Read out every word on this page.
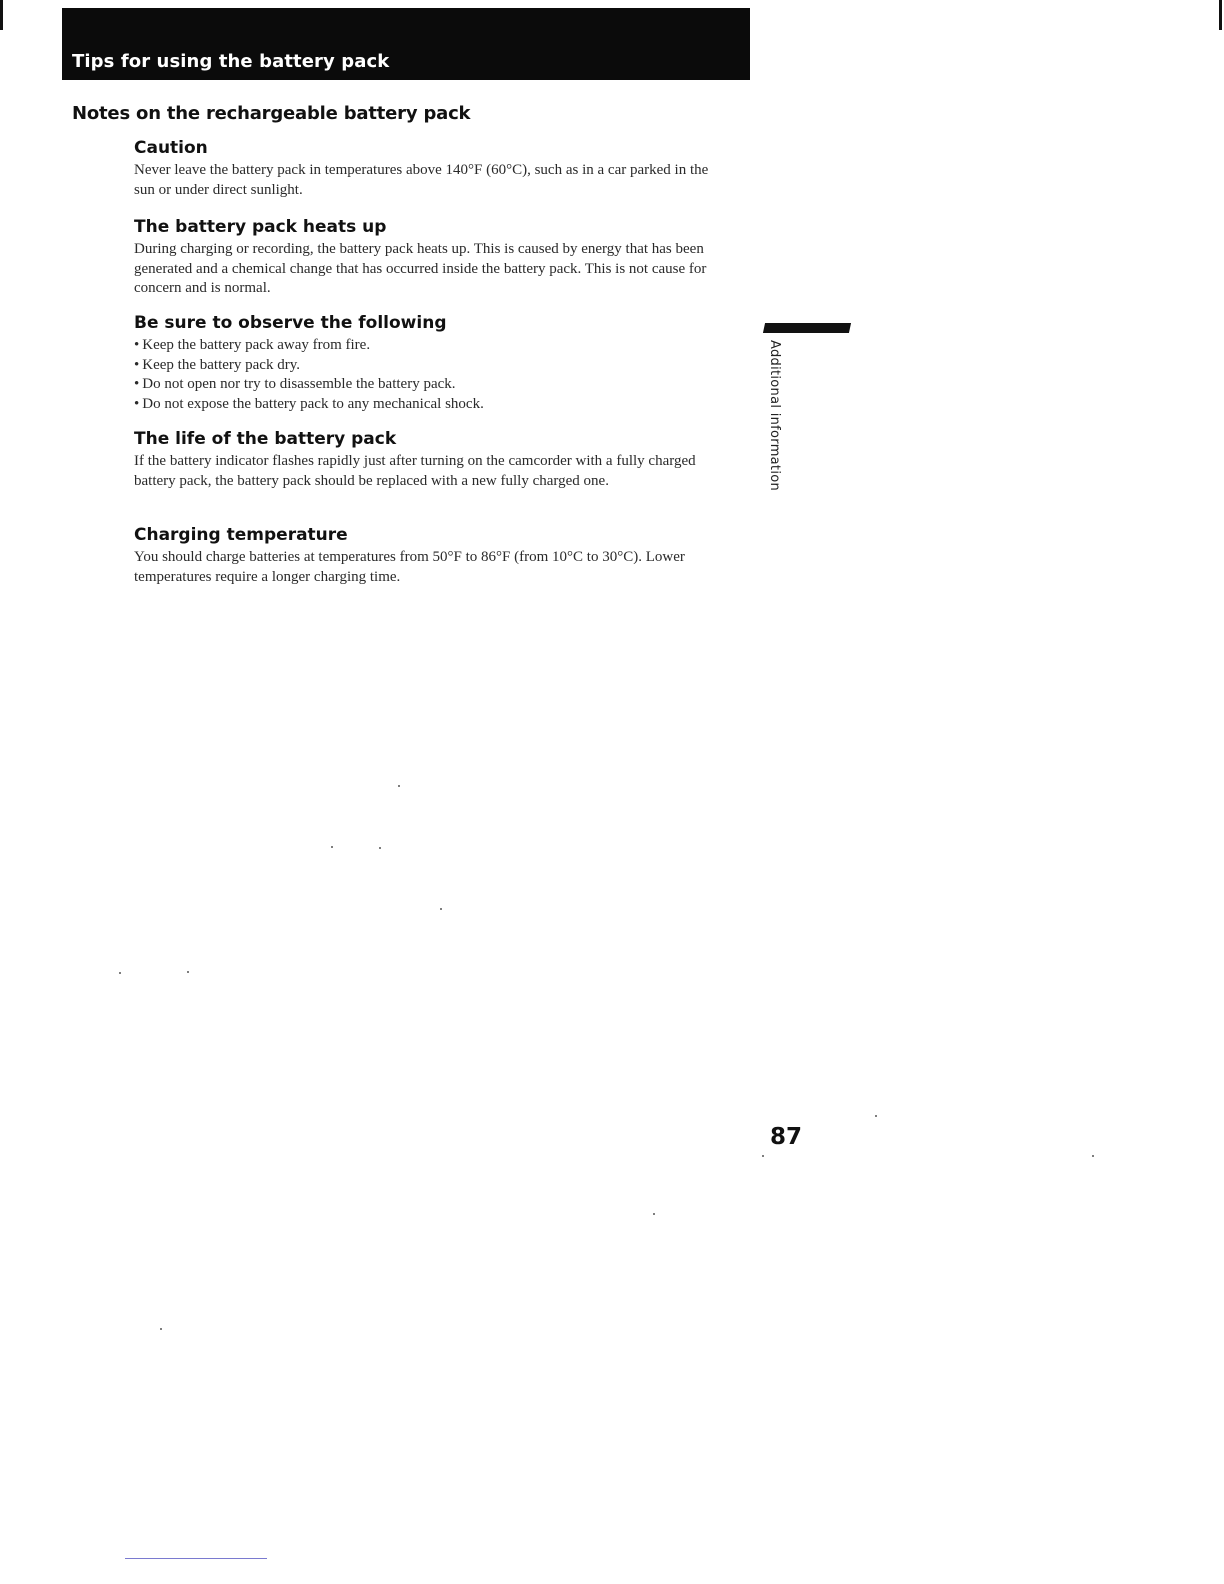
Tips for using the battery pack
Notes on the rechargeable battery pack
Caution

Never leave the battery pack in temperatures above 140°F (60°C), such as in a car parked in the sun or under direct sunlight.

The battery pack heats up

During charging or recording, the battery pack heats up. This is caused by energy that has been generated and a chemical change that has occurred inside the battery pack. This is not cause for concern and is normal.

Be sure to observe the following
• Keep the battery pack away from fire.
• Keep the battery pack dry.
• Do not open nor try to disassemble the battery pack.
• Do not expose the battery pack to any mechanical shock.
The life of the battery pack

If the battery indicator flashes rapidly just after turning on the camcorder with a fully charged battery pack, the battery pack should be replaced with a new fully charged one.

Charging temperature

You should charge batteries at temperatures from 50°F to 86°F (from 10°C to 30°C). Lower temperatures require a longer charging time.

Additional information
87
